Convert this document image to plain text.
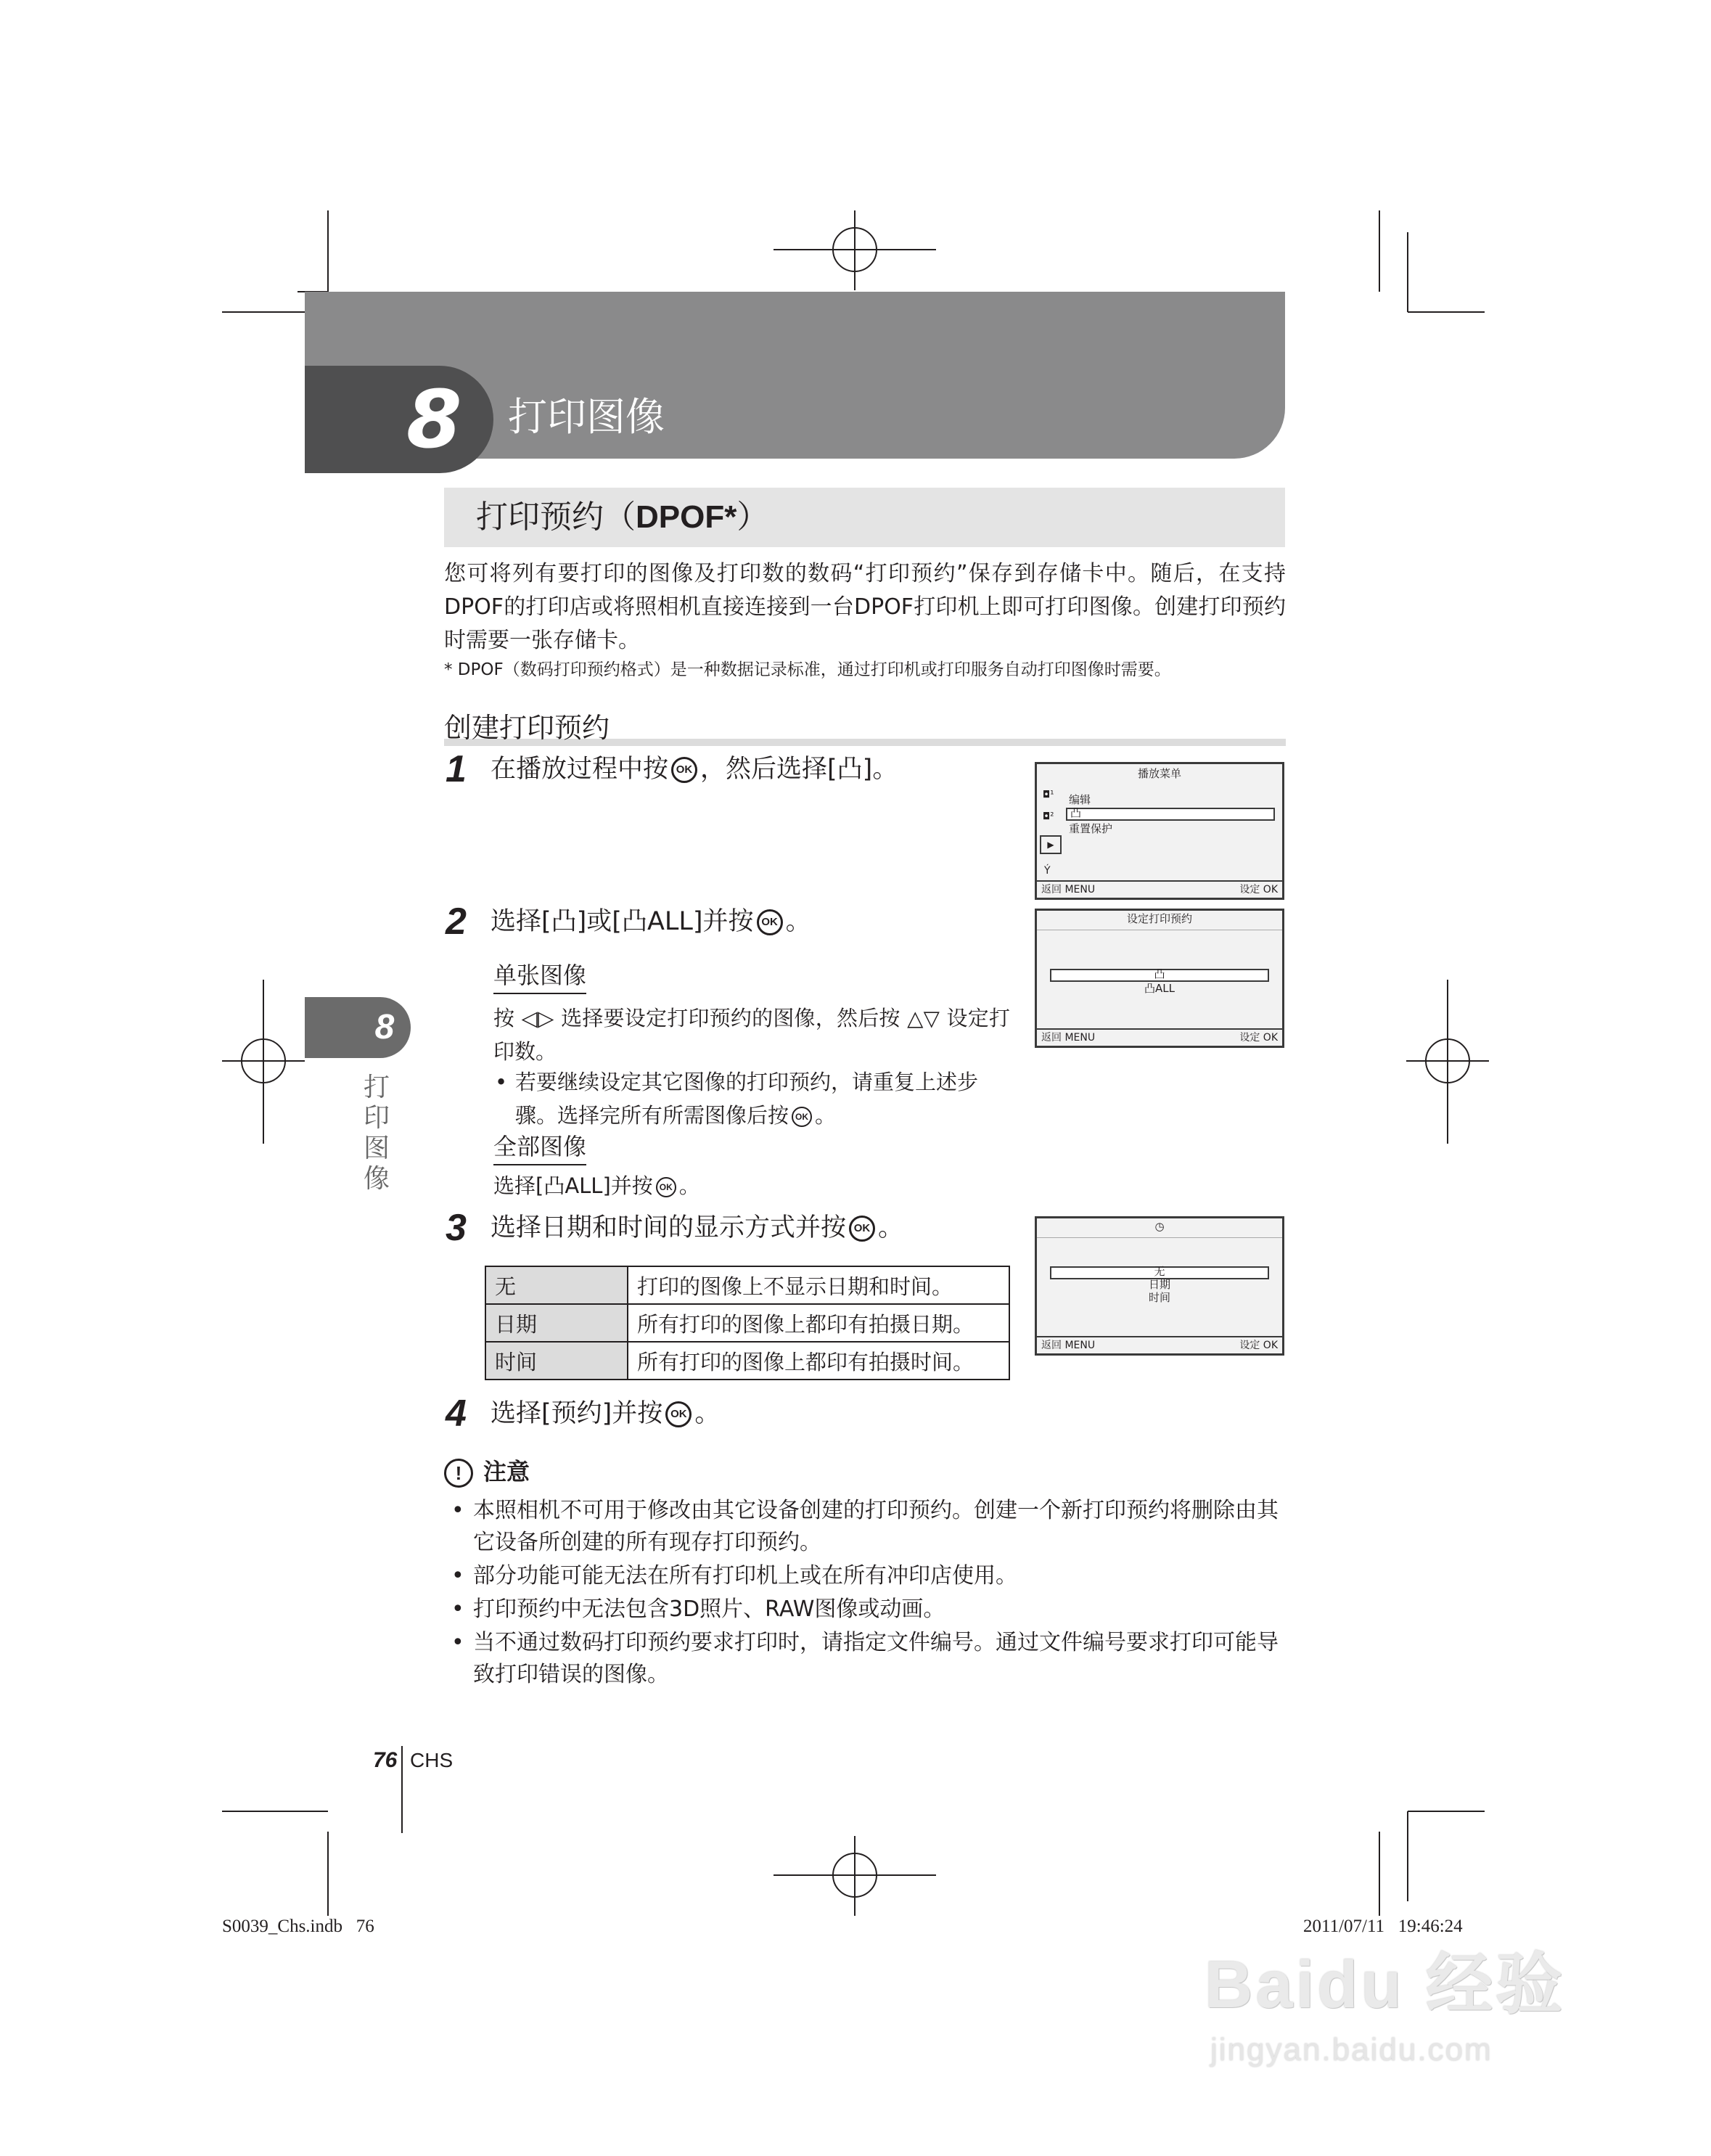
8	打印图像
打印预约（DPOF*）
您可将列有要打印的图像及打印数的数码“打印预约”保存到存储卡中。随后，在支持DPOF的打印店或将照相机直接连接到一台DPOF打印机上即可打印图像。创建打印预约时需要一张存储卡。
* DPOF（数码打印预约格式）是一种数据记录标准，通过打印机或打印服务自动打印图像时需要。
创建打印预约
1 在播放过程中按 OK ，然后选择[凸]。	播放菜单
◘¹
◘²
▶
Ý
编辑
凸
重置保护
返回 MENU	设定 OK
2 选择[凸]或[凸ALL]并按 OK 。	设定打印预约
凸
凸ALL
返回 MENU	设定 OK
单张图像
按 ◁▷ 选择要设定打印预约的图像，然后按 △▽ 设定打印数。
• 若要继续设定其它图像的打印预约，请重复上述步骤。选择完所有所需图像后按 OK 。
全部图像
选择[凸ALL]并按 OK 。
3 选择日期和时间的显示方式并按 OK 。	◷
无
日期
时间
返回 MENU	设定 OK
无	打印的图像上不显示日期和时间。
日期	所有打印的图像上都印有拍摄日期。
时间	所有打印的图像上都印有拍摄时间。
4 选择[预约]并按 OK 。
! 注意
• 本照相机不可用于修改由其它设备创建的打印预约。创建一个新打印预约将删除由其它设备所创建的所有现存打印预约。
• 部分功能可能无法在所有打印机上或在所有冲印店使用。
• 打印预约中无法包含3D照片、RAW图像或动画。
• 当不通过数码打印预约要求打印时，请指定文件编号。通过文件编号要求打印可能导致打印错误的图像。
8
打印图像
76 CHS
S0039_Chs.indb   76	2011/07/11   19:46:24
Baidu 经验
jingyan.baidu.com
